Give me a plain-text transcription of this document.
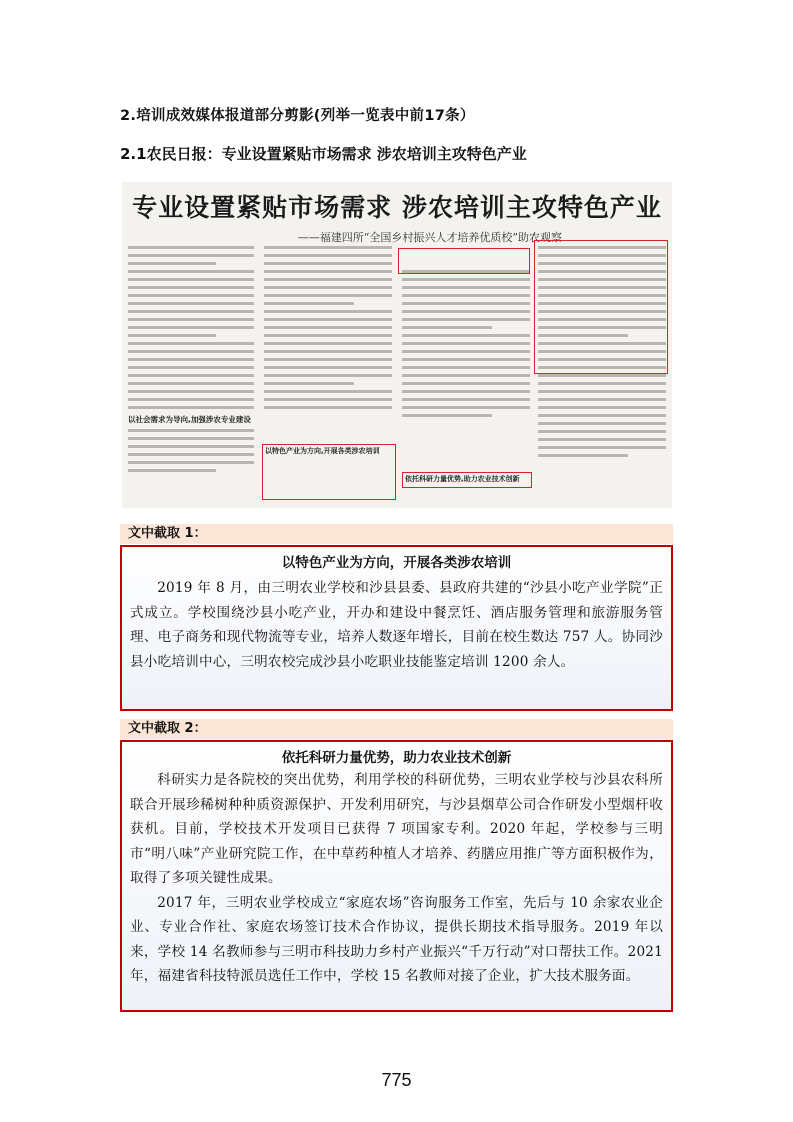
2.培训成效媒体报道部分剪影(列举一览表中前17条）
2.1农民日报：专业设置紧贴市场需求 涉农培训主攻特色产业
专业设置紧贴市场需求 涉农培训主攻特色产业
——福建四所“全国乡村振兴人才培养优质校”助农观察
以社会需求为导向,加强涉农专业建设
以特色产业为方向,开展各类涉农培训
依托科研力量优势,助力农业技术创新
文中截取 1：
以特色产业为方向，开展各类涉农培训
2019 年 8 月，由三明农业学校和沙县县委、县政府共建的“沙县小吃产业学院”正式成立。学校围绕沙县小吃产业，开办和建设中餐烹饪、酒店服务管理和旅游服务管理、电子商务和现代物流等专业，培养人数逐年增长，目前在校生数达 757 人。协同沙县小吃培训中心，三明农校完成沙县小吃职业技能鉴定培训 1200 余人。
文中截取 2：
依托科研力量优势，助力农业技术创新
科研实力是各院校的突出优势，利用学校的科研优势，三明农业学校与沙县农科所联合开展珍稀树种种质资源保护、开发利用研究，与沙县烟草公司合作研发小型烟杆收获机。目前，学校技术开发项目已获得 7 项国家专利。2020 年起，学校参与三明市“明八味”产业研究院工作，在中草药种植人才培养、药膳应用推广等方面积极作为，取得了多项关键性成果。
2017 年，三明农业学校成立“家庭农场”咨询服务工作室，先后与 10 余家农业企业、专业合作社、家庭农场签订技术合作协议，提供长期技术指导服务。2019 年以来，学校 14 名教师参与三明市科技助力乡村产业振兴“千万行动”对口帮扶工作。2021 年，福建省科技特派员选任工作中，学校 15 名教师对接了企业，扩大技术服务面。
775
